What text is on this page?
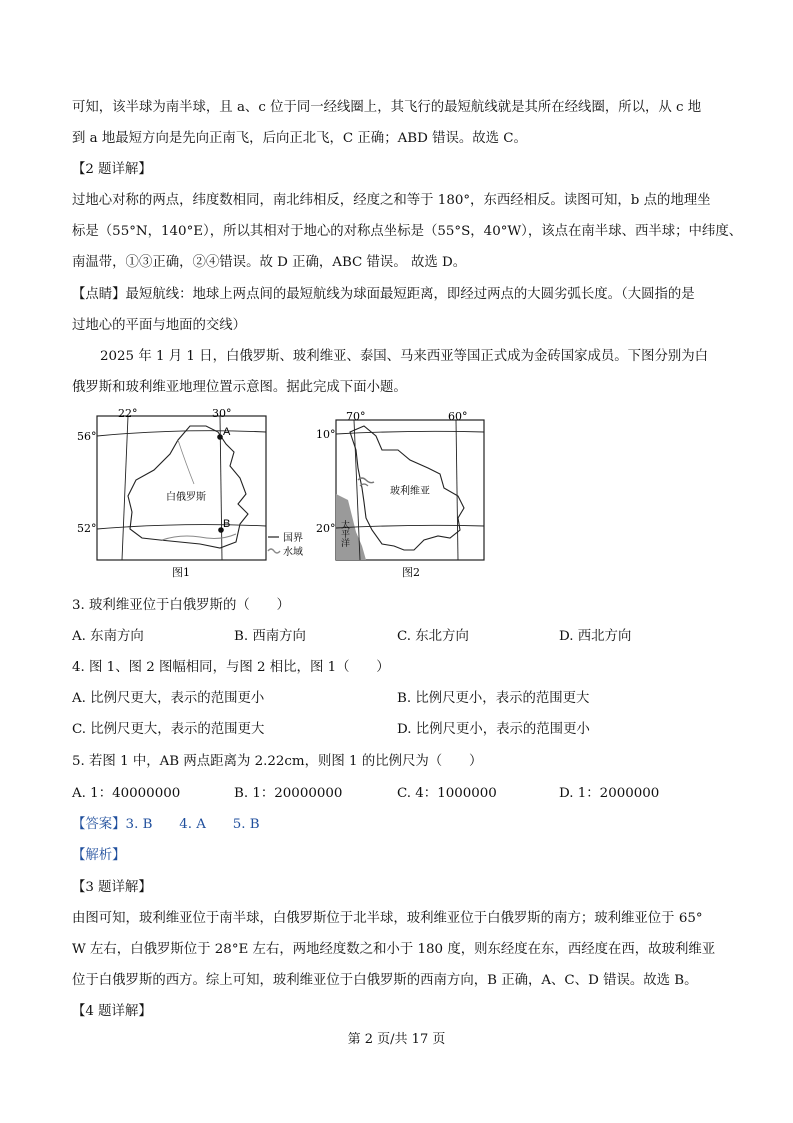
可知，该半球为南半球，且 a、c 位于同一经线圈上，其飞行的最短航线就是其所在经线圈，所以，从 c 地
到 a 地最短方向是先向正南飞，后向正北飞，C 正确；ABD 错误。故选 C。
【2 题详解】
过地心对称的两点，纬度数相同，南北纬相反，经度之和等于 180°，东西经相反。读图可知，b 点的地理坐
标是（55°N，140°E），所以其相对于地心的对称点坐标是（55°S，40°W），该点在南半球、西半球；中纬度、
南温带，①③正确，②④错误。故 D 正确，ABC 错误。 故选 D。
【点睛】最短航线：地球上两点间的最短航线为球面最短距离，即经过两点的大圆劣弧长度。（大圆指的是
过地心的平面与地面的交线）
2025 年 1 月 1 日，白俄罗斯、玻利维亚、泰国、马来西亚等国正式成为金砖国家成员。下图分别为白
俄罗斯和玻利维亚地理位置示意图。据此完成下面小题。
A
B
22°	30°
56°
52°
白俄罗斯
国界
水域
图1
70°	60°
10°
20°
玻利维亚
太平洋
图2
3. 玻利维亚位于白俄罗斯的（　　）
A. 东南方向	B. 西南方向	C. 东北方向	D. 西北方向
4. 图 1、图 2 图幅相同，与图 2 相比，图 1（　　）
A. 比例尺更大，表示的范围更小	B. 比例尺更小，表示的范围更大
C. 比例尺更大，表示的范围更大	D. 比例尺更小，表示的范围更小
5. 若图 1 中，AB 两点距离为 2.22cm，则图 1 的比例尺为（　　）
A. 1：40000000	B. 1：20000000	C. 4：1000000	D. 1：2000000
【答案】3. B　　4. A　　5. B
【解析】
【3 题详解】
由图可知，玻利维亚位于南半球，白俄罗斯位于北半球，玻利维亚位于白俄罗斯的南方；玻利维亚位于 65°
W 左右，白俄罗斯位于 28°E 左右，两地经度数之和小于 180 度，则东经度在东，西经度在西，故玻利维亚
位于白俄罗斯的西方。综上可知，玻利维亚位于白俄罗斯的西南方向，B 正确，A、C、D 错误。故选 B。
【4 题详解】
第 2 页/共 17 页
